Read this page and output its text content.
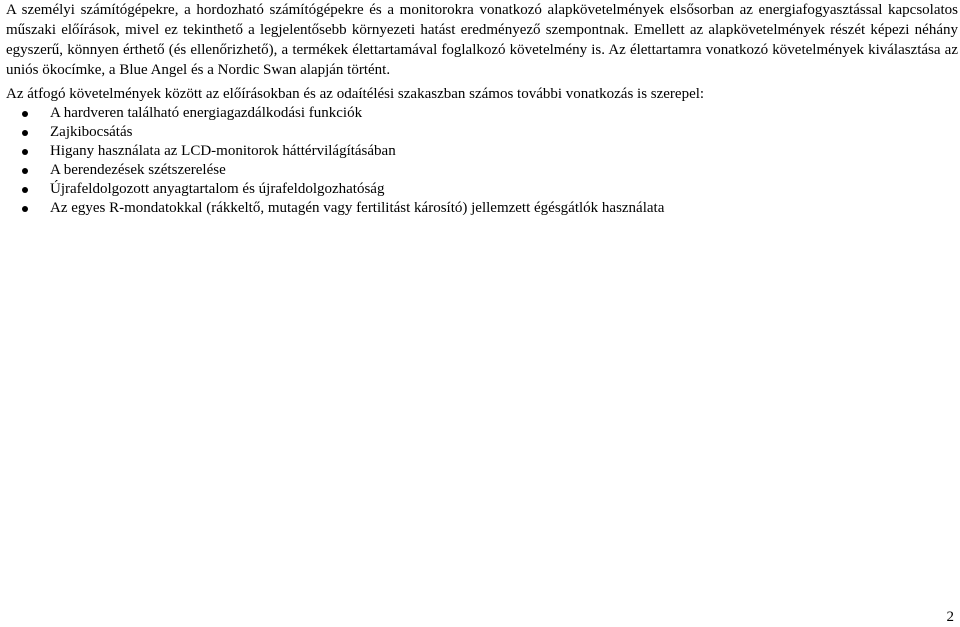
A személyi számítógépekre, a hordozható számítógépekre és a monitorokra vonatkozó alapkövetelmények elsősorban az energiafogyasztással kapcsolatos műszaki előírások, mivel ez tekinthető a legjelentősebb környezeti hatást eredményező szempontnak. Emellett az alapkövetelmények részét képezi néhány egyszerű, könnyen érthető (és ellenőrizhető), a termékek élettartamával foglalkozó követelmény is. Az élettartamra vonatkozó követelmények kiválasztása az uniós ökocímke, a Blue Angel és a Nordic Swan alapján történt.

Az átfogó követelmények között az előírásokban és az odaítélési szakaszban számos további vonatkozás is szerepel:

A hardveren található energiagazdálkodási funkciók
Zajkibocsátás
Higany használata az LCD-monitorok háttérvilágításában
A berendezések szétszerelése
Újrafeldolgozott anyagtartalom és újrafeldolgozhatóság
Az egyes R-mondatokkal (rákkeltő, mutagén vagy fertilitást károsító) jellemzett égésgátlók használata
2
